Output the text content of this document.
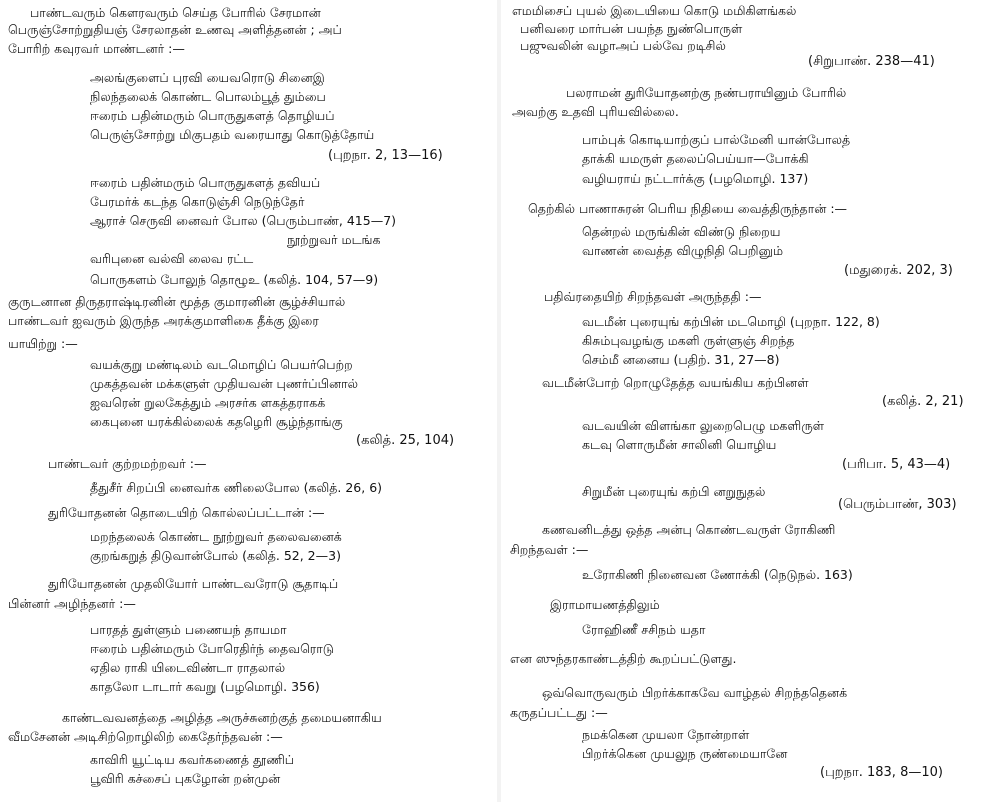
பாண்டவரும் கௌரவரும் செய்த போரில் சேரமான்
பெருஞ்சோற்றுதியஞ் சேரலாதன் உணவு அளித்தனன் ; அப்
போரிற் கவுரவர் மாண்டனர் :—
அலங்குளைப் புரவி யைவரொடு சினைஇ
நிலந்தலைக் கொண்ட பொலம்பூத் தும்பை
ஈரைம் பதின்மரும் பொருதுகளத் தொழியப்
பெருஞ்சோற்று மிகுபதம் வரையாது கொடுத்தோய்
(புறநா. 2, 13—16)
ஈரைம் பதின்மரும் பொருதுகளத் தவியப்
பேரமர்க் கடந்த கொடுஞ்சி நெடுந்தேர்
ஆராச் செருவி னைவர் போல (பெரும்பாண், 415—7)
நூற்றுவர் மடங்க
வரிபுனை வல்வி லைவ ரட்ட
பொருகளம் போலுந் தொழூஉ (கலித். 104, 57—9)
குருடனான திருதராஷ்டிரனின் மூத்த குமாரனின் சூழ்ச்சியால்
பாண்டவர் ஐவரும் இருந்த அரக்குமாளிகை தீக்கு இரை
யாயிற்று :—
வயக்குறு மண்டிலம் வடமொழிப் பெயர்பெற்ற
முகத்தவன் மக்களுள் முதியவன் புணர்ப்பினால்
ஐவரென் றுலகேத்தும் அரசர்க ளகத்தராகக்
கைபுனை யரக்கில்லைக் கதழெரி சூழ்ந்தாங்கு
(கலித். 25, 104)
பாண்டவர் குற்றமற்றவர் :—
தீதுசீர் சிறப்பி னைவர்க ணிலைபோல (கலித். 26, 6)
துரியோதனன் தொடையிற் கொல்லப்பட்டான் :—
மறந்தலைக் கொண்ட நூற்றுவர் தலைவனைக்
குறங்கறுத் திடுவான்போல் (கலித். 52, 2—3)
துரியோதனன் முதலியோர் பாண்டவரோடு சூதாடிப்
பின்னர் அழிந்தனர் :—
பாரதத் துள்ளும் பணையந் தாயமா
ஈரைம் பதின்மரும் போரெதிர்ந் தைவரொடு
ஏதில ராகி யிடைவிண்டா ராதலால்
காதலோ டாடார் கவறு (பழமொழி. 356)
காண்டவவனத்தை அழித்த அருச்சுனற்குத் தமையனாகிய
வீமசேனன் அடிசிற்றொழிலிற் கைதேர்ந்தவன் :—
காவிரி யூட்டிய கவர்கணைத் தூணிப்
பூவிரி கச்சைப் புகழோன் றன்முன்
எமமிசைப் புயல் இடையியை கொடு மமிகிளங்கல்
பனிவரை மார்பன் பயந்த நுண்பொருள்
பஜுவலின் வழாஅப் பல்வே றடிசில்
(சிறுபாண். 238—41)
பலராமன் துரியோதனற்கு நண்பராயினும் போரில்
அவற்கு உதவி புரியவில்லை.
பாம்புக் கொடியாற்குப் பால்மேனி யான்போலத்
தாக்கி யமருள் தலைப்பெய்யா—போக்கி
வழியராய் நட்டார்க்கு (பழமொழி. 137)
தெற்கில் பாணாசுரன் பெரிய நிதியை வைத்திருந்தான் :—
தென்றல் மருங்கின் விண்டு நிறைய
வாணன் வைத்த விழுநிதி பெறினும்
(மதுரைக். 202, 3)
பதிவ்ரதையிற் சிறந்தவள் அருந்ததி :—
வடமீன் புரையுங் கற்பின் மடமொழி (புறநா. 122, 8)
கிசும்புவழங்கு மகளி ருள்ளுஞ் சிறந்த
செம்மீ னனைய (பதிற். 31, 27—8)
வடமீன்போற் றொழுதேத்த வயங்கிய கற்பினள்
(கலித். 2, 21)
வடவயின் விளங்கா லுறைபெழு மகளிருள்
கடவு ளொருமீன் சாலினி யொழிய
(பரிபா. 5, 43—4)
சிறுமீன் புரையுங் கற்பி னறுநுதல்
(பெரும்பாண், 303)
கணவனிடத்து ஒத்த அன்பு கொண்டவருள் ரோகிணி
சிறந்தவள் :—
உரோகிணி நினைவன ணோக்கி (நெடுநல். 163)
இராமாயணத்திலும்
ரோஹிணீ சசிநம் யதா
என ஸுந்தரகாண்டத்திற் கூறப்பட்டுளது.
ஒவ்வொருவரும் பிறர்க்காகவே வாழ்தல் சிறந்ததெனக்
கருதப்பட்டது :—
நமக்கென முயலா நோன்றாள்
பிறர்க்கென முயலுந ருண்மையானே
(புறநா. 183, 8—10)
